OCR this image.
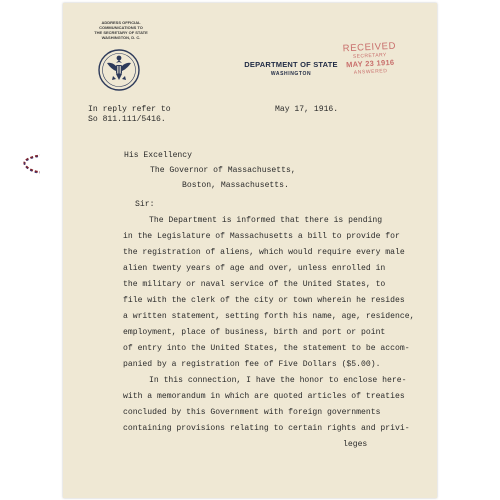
ADDRESS OFFICIAL COMMUNICATIONS TO
THE SECRETARY OF STATE
WASHINGTON, D. C.
DEPARTMENT OF STATE
WASHINGTON
RECEIVED
SECRETARY
MAY 23 1916
ANSWERED
In reply refer to
So 811.111/5416.
May 17, 1916.
His Excellency
The Governor of Massachusetts,
Boston, Massachusetts.
Sir:
The Department is informed that there is pending
in the Legislature of Massachusetts a bill to provide for
the registration of aliens, which would require every male
alien twenty years of age and over, unless enrolled in
the military or naval service of the United States, to
file with the clerk of the city or town wherein he resides
a written statement, setting forth his name, age, residence,
employment, place of business, birth and port or point
of entry into the United States, the statement to be accom-
panied by a registration fee of Five Dollars ($5.00).
In this connection, I have the honor to enclose here-
with a memorandum in which are quoted articles of treaties
concluded by this Government with foreign governments
containing provisions relating to certain rights and privi-
leges
